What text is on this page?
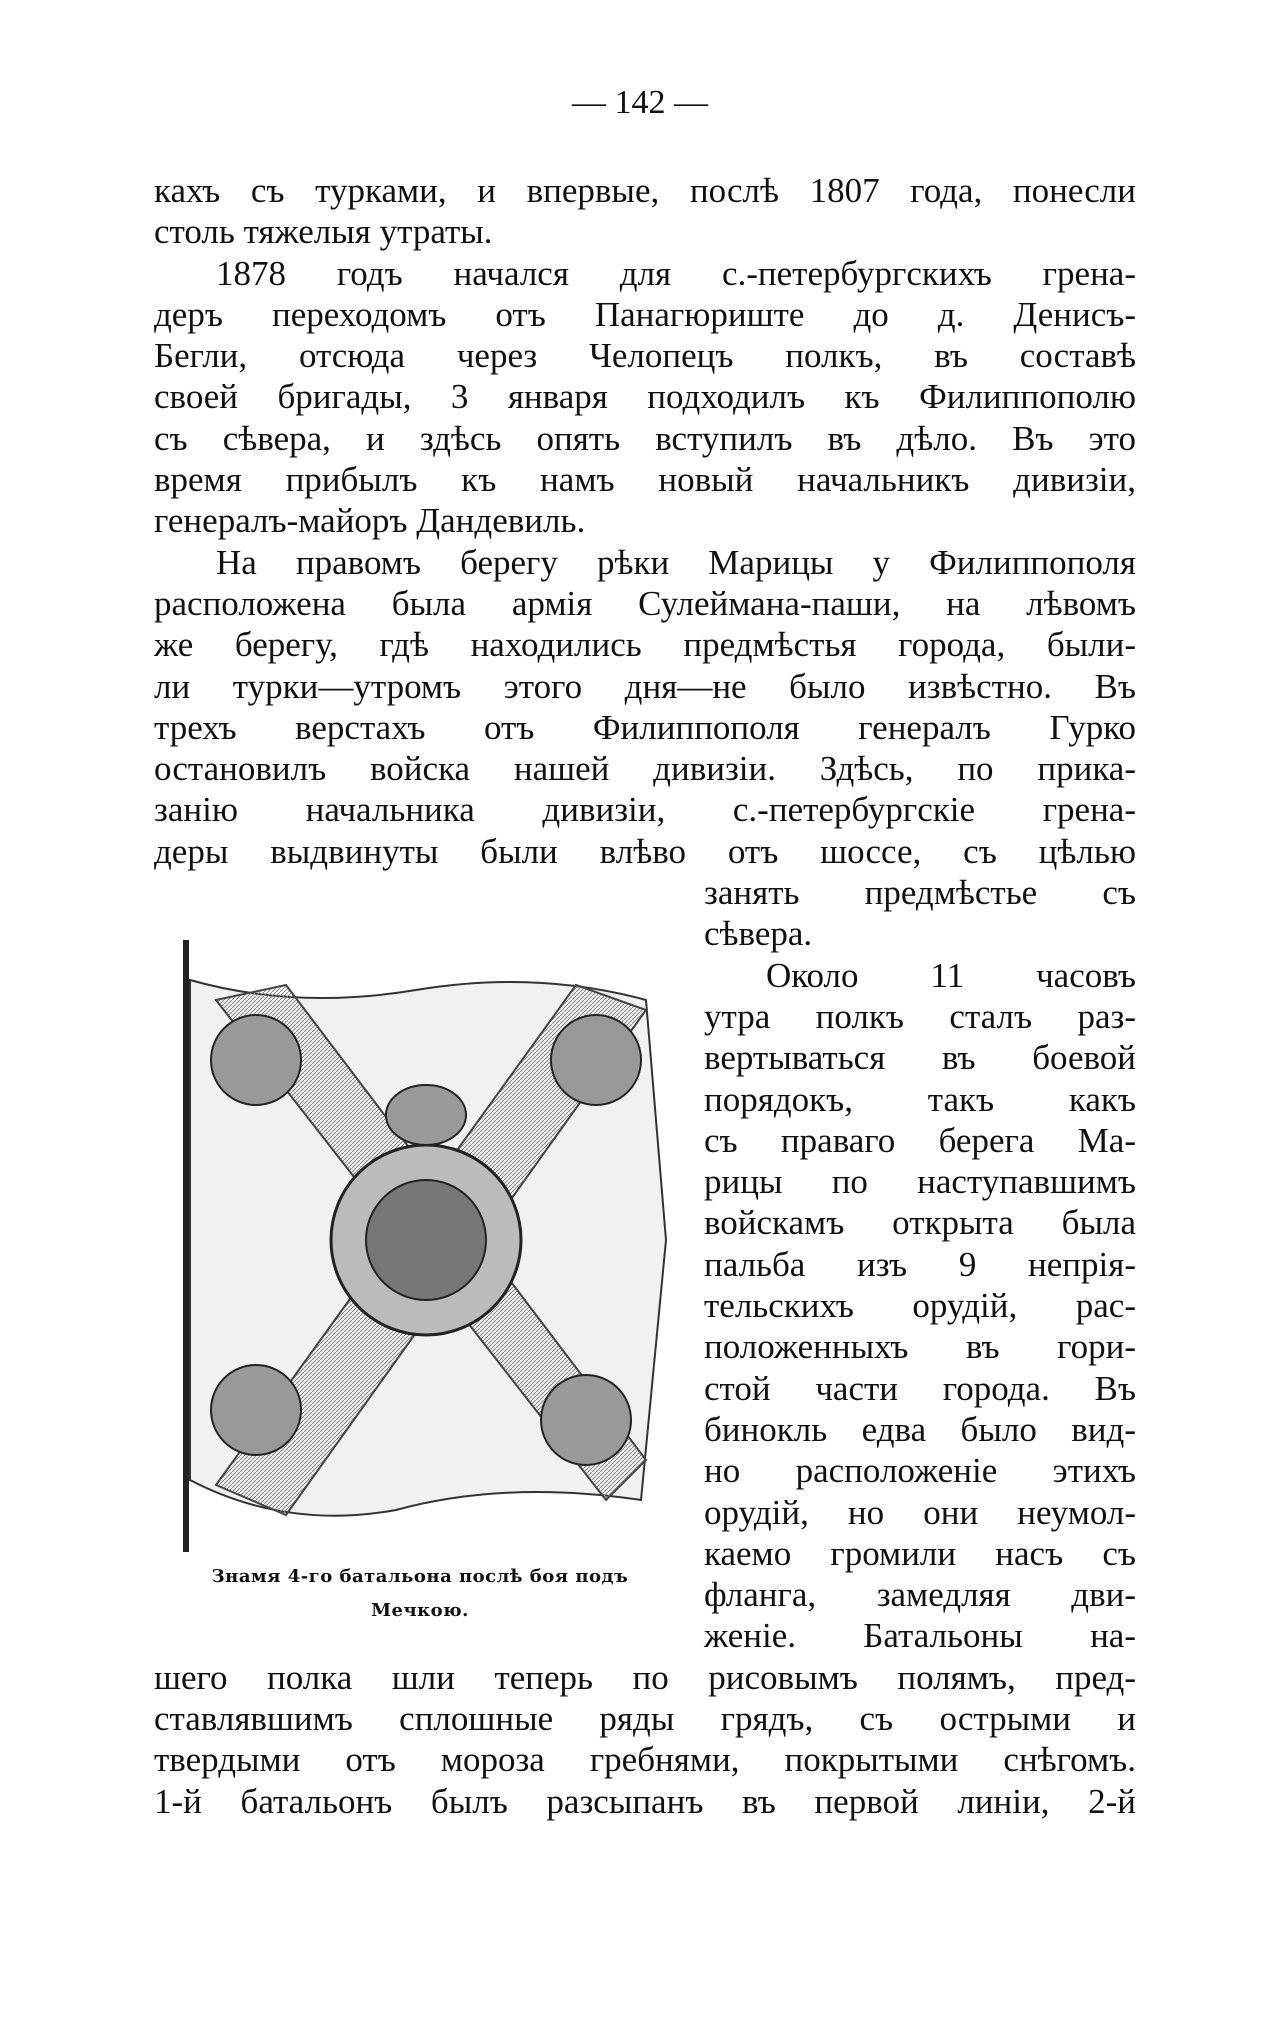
— 142 —
кахъ съ турками, и впервые, послѣ 1807 года, понесли
столь тяжелыя утраты.
1878 годъ начался для с.-петербургскихъ грена-
деръ переходомъ отъ Панагюриште до д. Денисъ-
Бегли, отсюда через Челопецъ полкъ, въ составѣ
своей бригады, 3 января подходилъ къ Филиппополю
съ сѣвера, и здѣсь опять вступилъ въ дѣло. Въ это
время прибылъ къ намъ новый начальникъ дивизіи,
генералъ-майоръ Дандевиль.
На правомъ берегу рѣки Марицы у Филиппополя
расположена была армія Сулеймана-паши, на лѣвомъ
же берегу, гдѣ находились предмѣстья города, были-
ли турки—утромъ этого дня—не было извѣстно. Въ
трехъ верстахъ отъ Филиппополя генералъ Гурко
остановилъ войска нашей дивизіи. Здѣсь, по прика-
занію начальника дивизіи, с.-петербургскіе грена-
деры выдвинуты были влѣво отъ шоссе, съ цѣлью
занять предмѣстье съ
сѣвера.
Около 11 часовъ
утра полкъ сталъ раз-
вертываться въ боевой
порядокъ, такъ какъ
съ праваго берега Ма-
рицы по наступавшимъ
войскамъ открыта была
пальба изъ 9 непрія-
тельскихъ орудій, рас-
положенныхъ въ гори-
стой части города. Въ
бинокль едва было вид-
но расположеніе этихъ
орудій, но они неумол-
каемо громили насъ съ
фланга, замедляя дви-
женіе. Батальоны на-
шего полка шли теперь по рисовымъ полямъ, пред-
ставлявшимъ сплошные ряды грядъ, съ острыми и
твердыми отъ мороза гребнями, покрытыми снѣгомъ.
1-й батальонъ былъ разсыпанъ въ первой линіи, 2-й
Знамя 4-го батальона послѣ боя подъ
Мечкою.
